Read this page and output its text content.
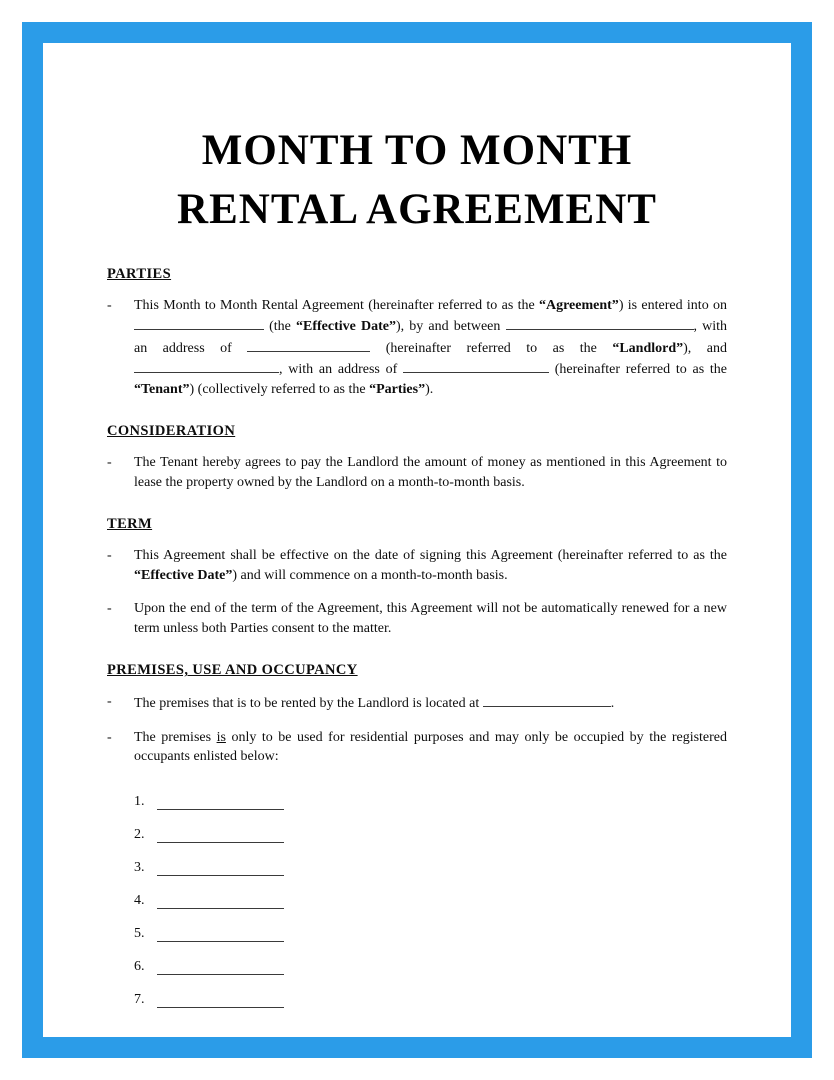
MONTH TO MONTH
RENTAL AGREEMENT
PARTIES
-	This Month to Month Rental Agreement (hereinafter referred to as the “Agreement”) is entered into on  (the “Effective Date”), by and between	, with an address of	(hereinafter referred to as the “Landlord”), and , with an address of	(hereinafter referred to as the “Tenant”) (collectively referred to as the “Parties”).
CONSIDERATION
-	The Tenant hereby agrees to pay the Landlord the amount of money as mentioned in this Agreement to lease the property owned by the Landlord on a month-to-month basis.
TERM
-	This Agreement shall be effective on the date of signing this Agreement (hereinafter referred to as the “Effective Date”) and will commence on a month-to-month basis.
-	Upon the end of the term of the Agreement, this Agreement will not be automatically renewed for a new term unless both Parties consent to the matter.
PREMISES, USE AND OCCUPANCY
-	The premises that is to be rented by the Landlord is located at	.
-	The premises is only to be used for residential purposes and may only be occupied by the registered occupants enlisted below:
1.
2.
3.
4.
5.
6.
7.
